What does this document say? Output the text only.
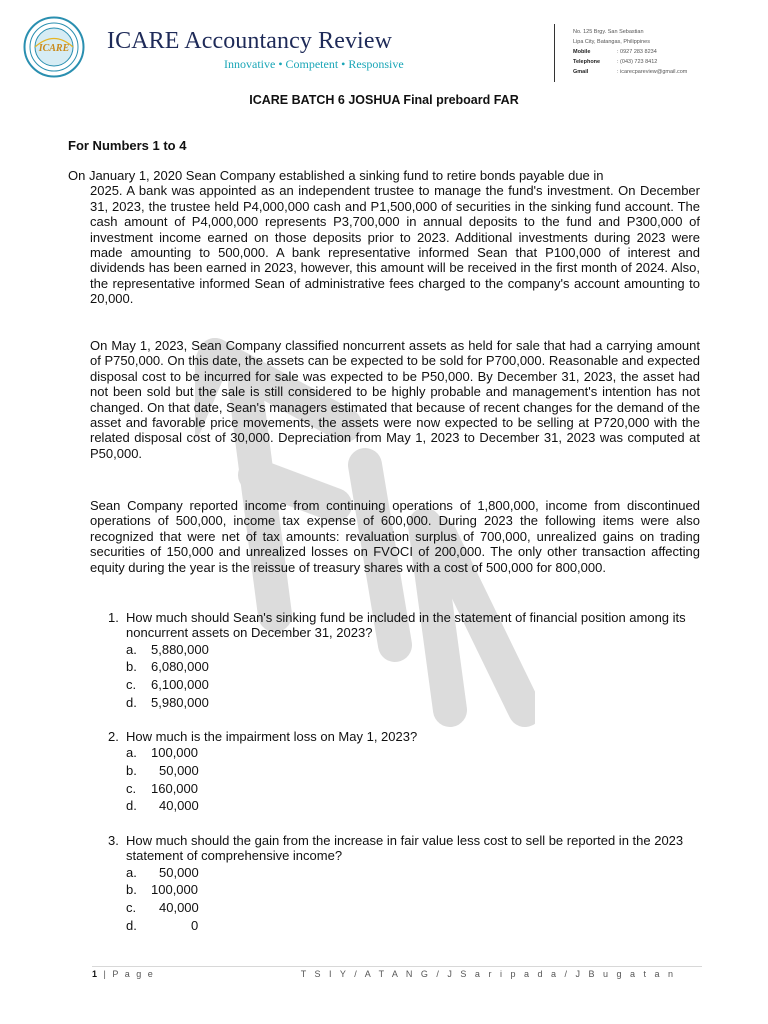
ICARE ICARE Accountancy Review
Innovative • Competent • Responsive
No. 125 Brgy. San Sebastian
Lipa City, Batangas, Philippines
Mobile	: 0927 283 8234
Telephone	: (043) 723 8412
Gmail	: icarecpareview@gmail.com
ICARE BATCH 6 JOSHUA Final preboard FAR
For Numbers 1 to 4

On January 1, 2020 Sean Company established a sinking fund to retire bonds payable due in
2025. A bank was appointed as an independent trustee to manage the fund's investment. On December 31, 2023, the trustee held P4,000,000 cash and P1,500,000 of securities in the sinking fund account. The cash amount of P4,000,000 represents P3,700,000 in annual deposits to the fund and P300,000 of investment income earned on those deposits prior to 2023. Additional investments during 2023 were made amounting to 500,000. A bank representative informed Sean that P100,000 of interest and dividends has been earned in 2023, however, this amount will be received in the first month of 2024. Also, the representative informed Sean of administrative fees charged to the company's account amounting to 20,000.

On May 1, 2023, Sean Company classified noncurrent assets as held for sale that had a carrying amount of P750,000. On this date, the assets can be expected to be sold for P700,000. Reasonable and expected disposal cost to be incurred for sale was expected to be P50,000. By December 31, 2023, the asset had not been sold but the sale is still considered to be highly probable and management's intention has not changed. On that date, Sean's managers estimated that because of recent changes for the demand of the asset and favorable price movements, the assets were now expected to be selling at P720,000 with the related disposal cost of 30,000. Depreciation from May 1, 2023 to December 31, 2023 was computed at P50,000.

Sean Company reported income from continuing operations of 1,800,000, income from discontinued operations of 500,000, income tax expense of 600,000. During 2023 the following items were also recognized that were net of tax amounts: revaluation surplus of 700,000, unrealized gains on trading securities of 150,000 and unrealized losses on FVOCI of 200,000. The only other transaction affecting equity during the year is the reissue of treasury shares with a cost of 500,000 for 800,000.

1. How much should Sean's sinking fund be included in the statement of financial position among its noncurrent assets on December 31, 2023?
a. 5,880,000
b. 6,080,000
c. 6,100,000
d. 5,980,000
2. How much is the impairment loss on May 1, 2023?
a. 100,000
b. 50,000
c. 160,000
d. 40,000
3. How much should the gain from the increase in fair value less cost to sell be reported in the 2023 statement of comprehensive income?
a. 50,000
b. 100,000
c. 40,000
d.	0
1 | P a g e	T S I Y / A T A N G / J S a r i p a d a / J B u g a t a n
